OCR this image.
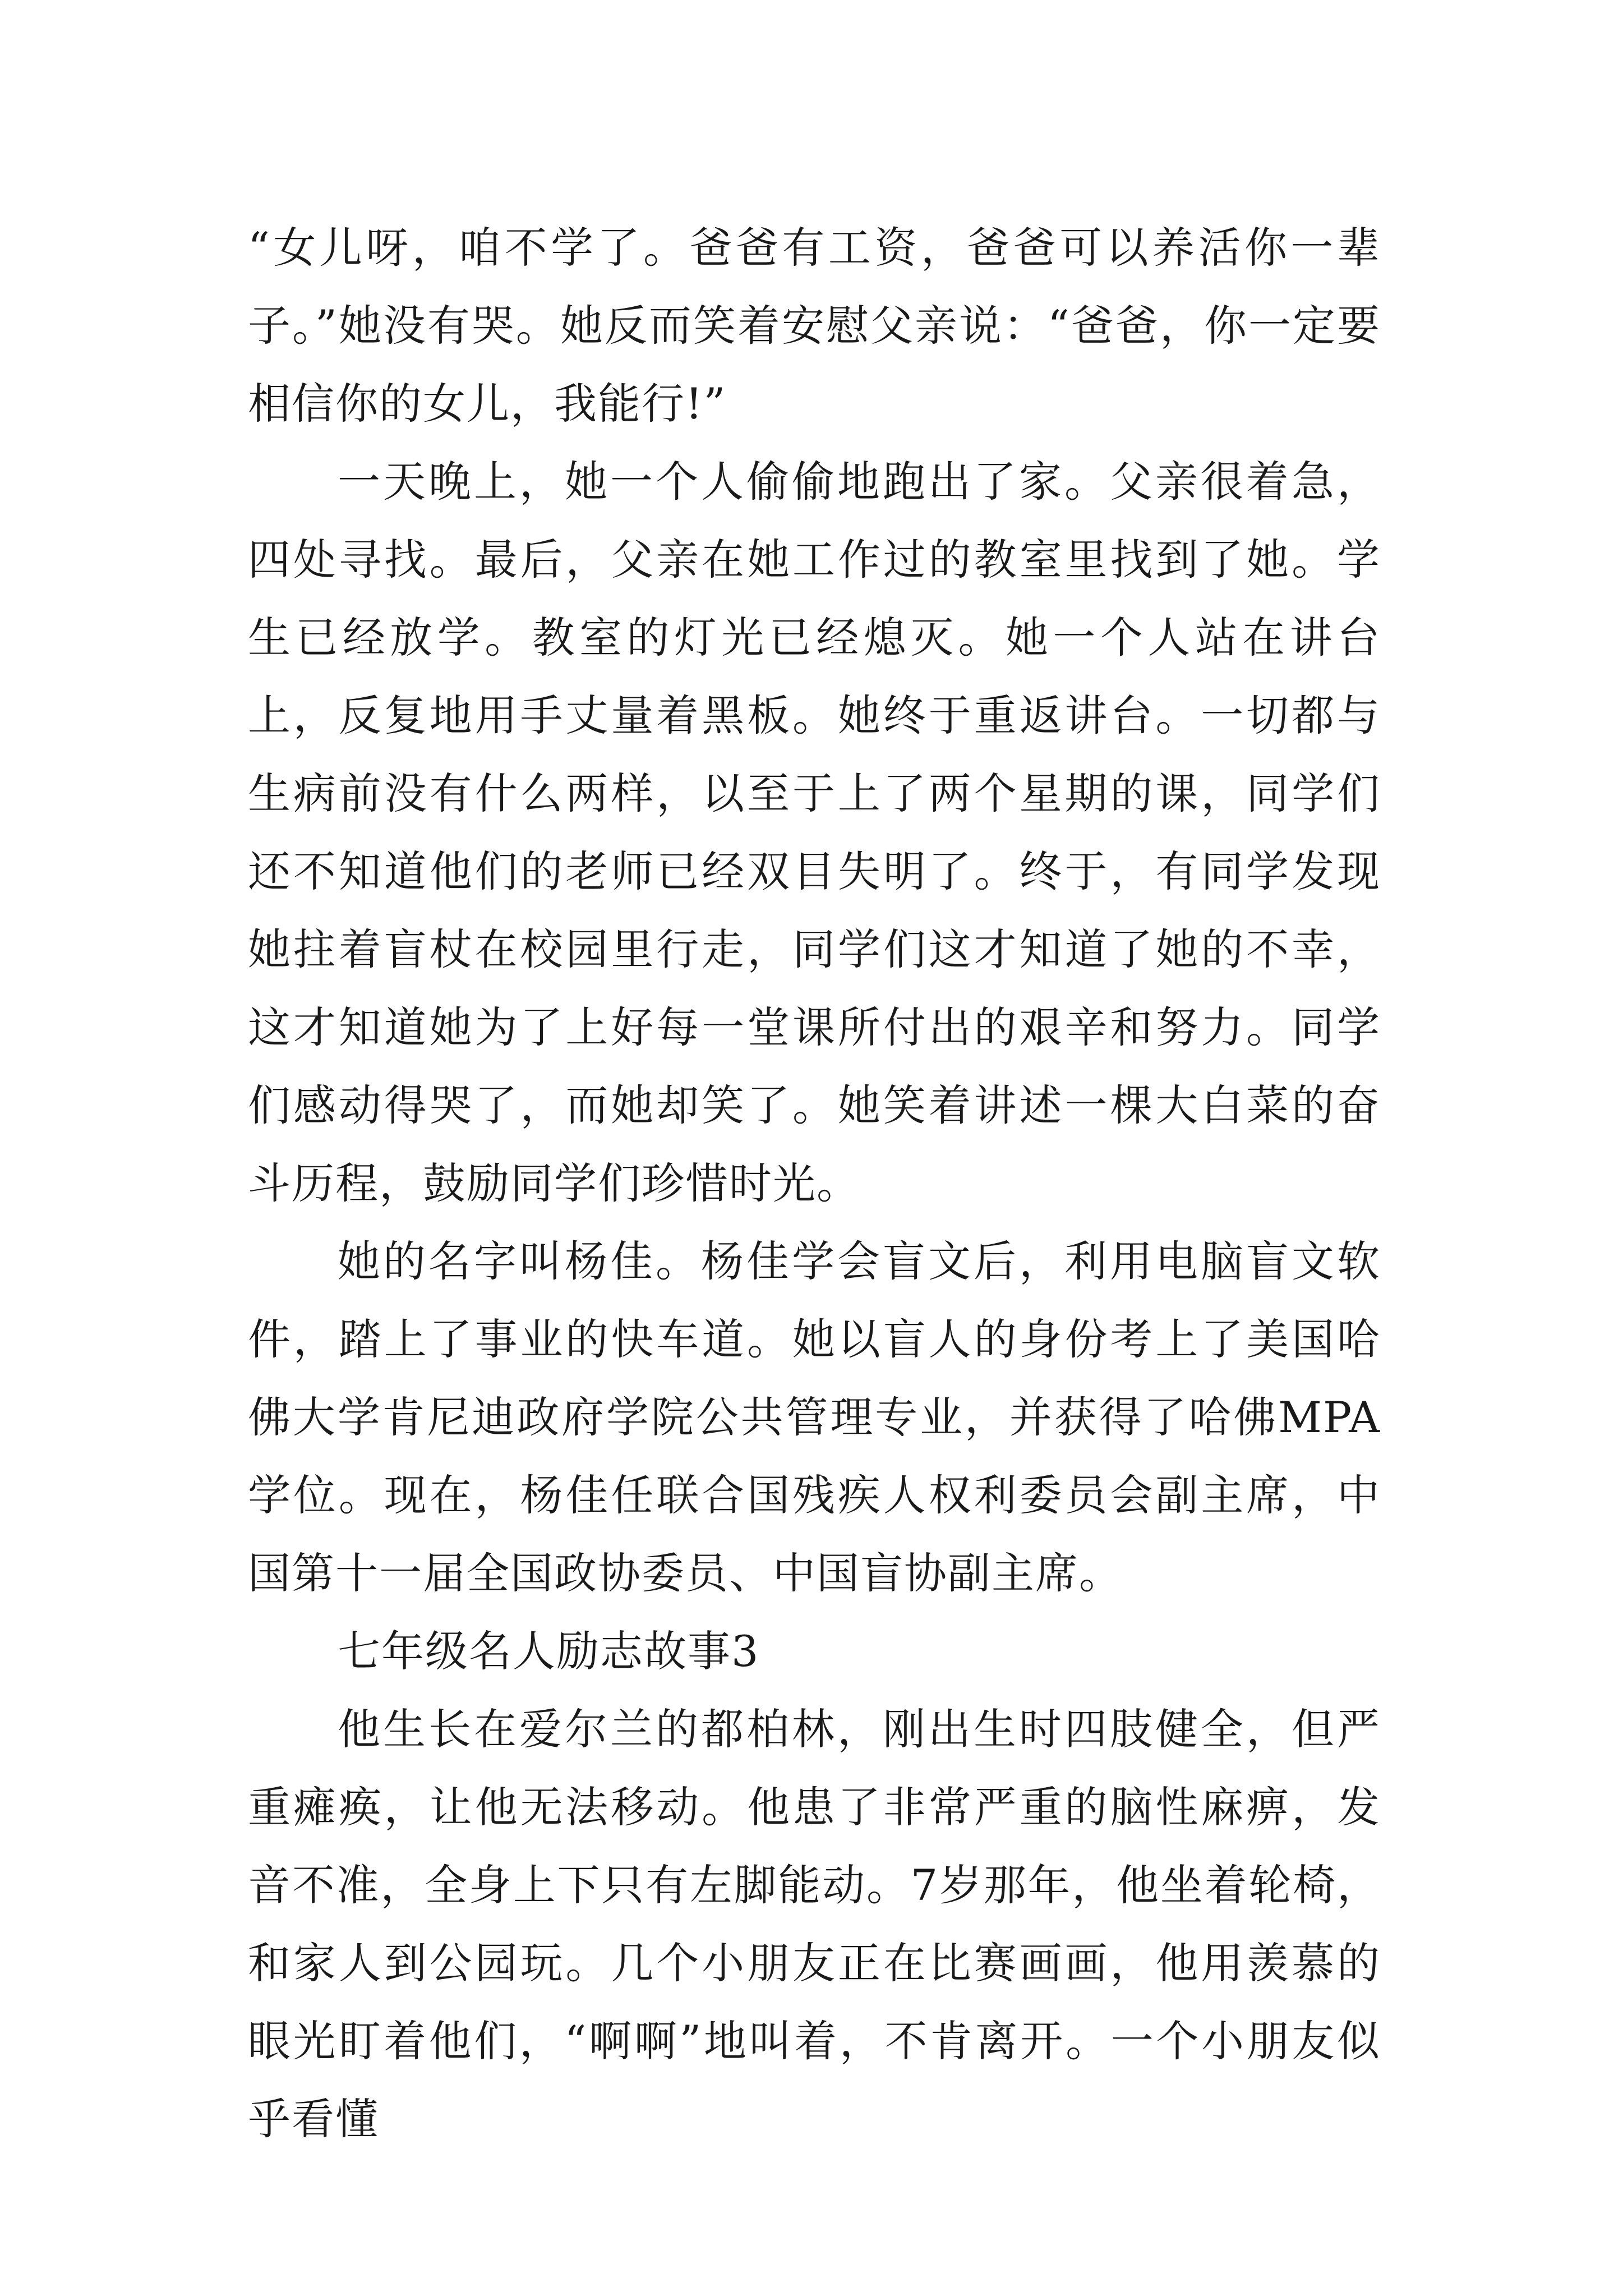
“女儿呀，咱不学了。爸爸有工资，爸爸可以养活你一辈子。”她没有哭。她反而笑着安慰父亲说：“爸爸，你一定要相信你的女儿，我能行!”

一天晚上，她一个人偷偷地跑出了家。父亲很着急，四处寻找。最后，父亲在她工作过的教室里找到了她。学生已经放学。教室的灯光已经熄灭。她一个人站在讲台上，反复地用手丈量着黑板。她终于重返讲台。一切都与生病前没有什么两样，以至于上了两个星期的课，同学们还不知道他们的老师已经双目失明了。终于，有同学发现她拄着盲杖在校园里行走，同学们这才知道了她的不幸，这才知道她为了上好每一堂课所付出的艰辛和努力。同学们感动得哭了，而她却笑了。她笑着讲述一棵大白菜的奋斗历程，鼓励同学们珍惜时光。

她的名字叫杨佳。杨佳学会盲文后，利用电脑盲文软件，踏上了事业的快车道。她以盲人的身份考上了美国哈佛大学肯尼迪政府学院公共管理专业，并获得了哈佛MPA学位。现在，杨佳任联合国残疾人权利委员会副主席，中国第十一届全国政协委员、中国盲协副主席。

七年级名人励志故事3

他生长在爱尔兰的都柏林，刚出生时四肢健全，但严重瘫痪，让他无法移动。他患了非常严重的脑性麻痹，发音不准，全身上下只有左脚能动。7岁那年，他坐着轮椅，和家人到公园玩。几个小朋友正在比赛画画，他用羡慕的眼光盯着他们，“啊啊”地叫着，不肯离开。一个小朋友似乎看懂
